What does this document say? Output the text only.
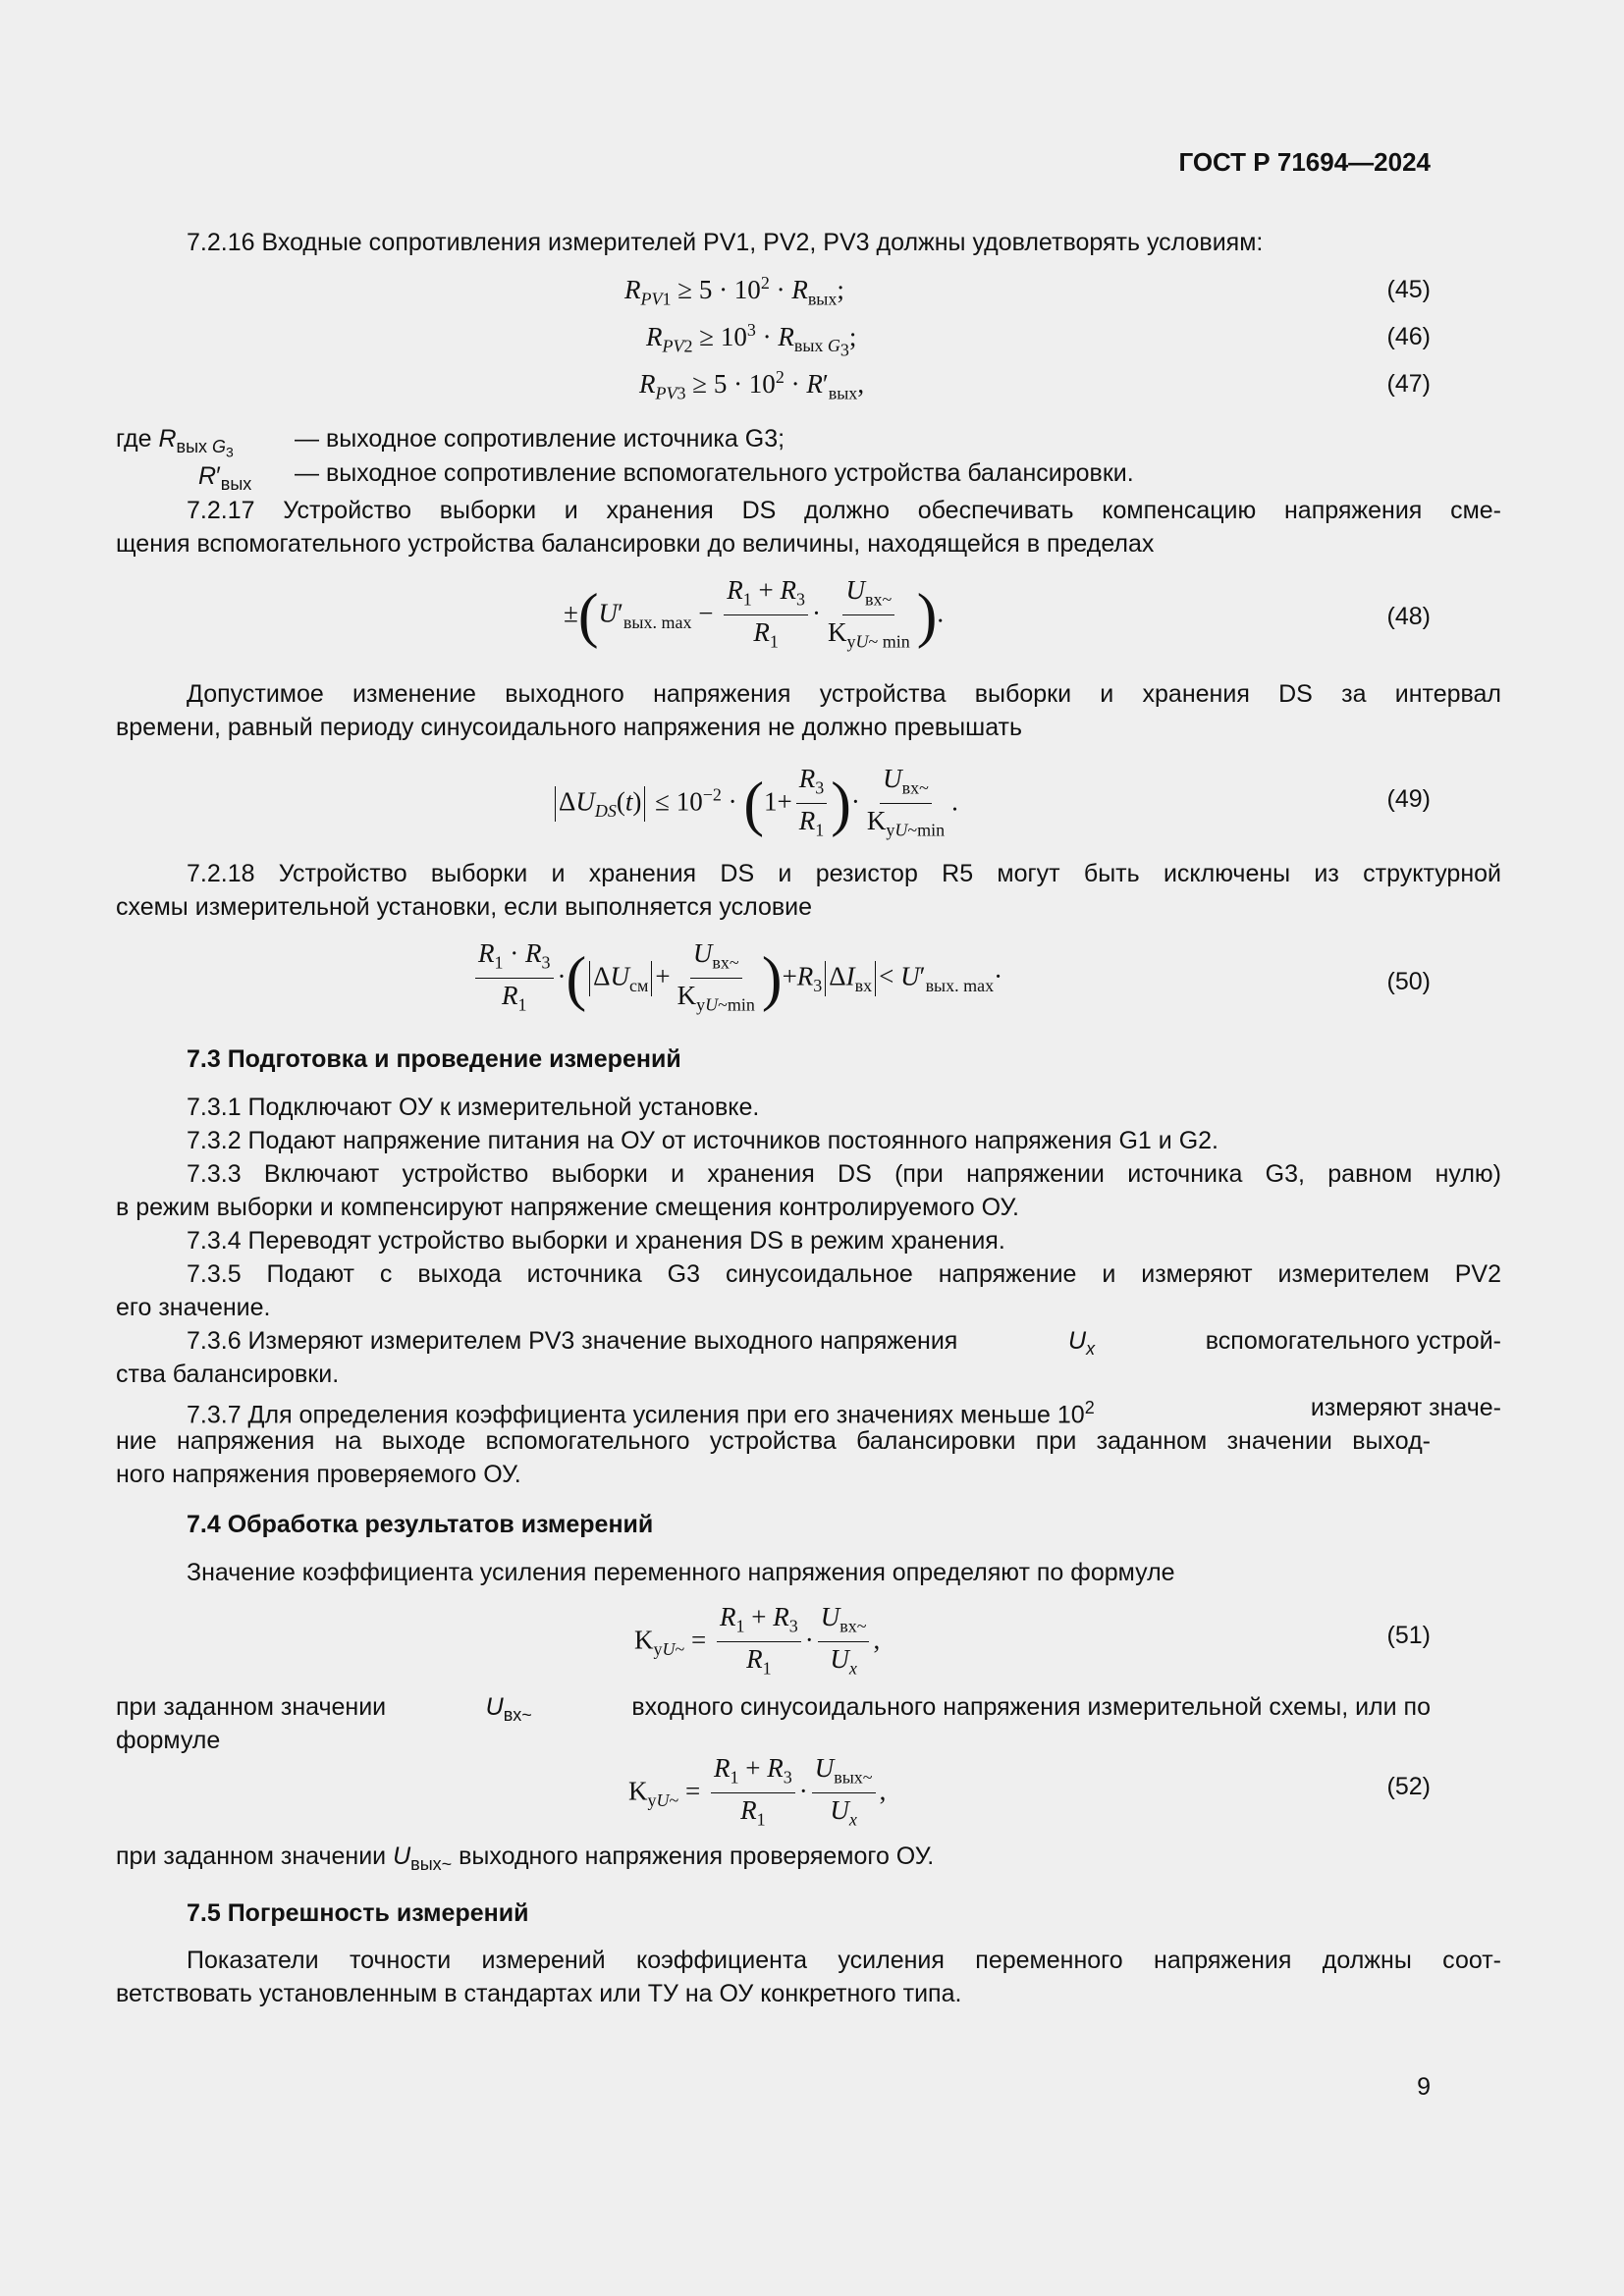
ГОСТ Р 71694—2024
7.2.16 Входные сопротивления измерителей PV1, PV2, PV3 должны удовлетворять условиям:
$R_{PV1} \ge 5 \cdot 10^2 \cdot R_{вых}$;	(45)
$R_{PV2} \ge 10^3 \cdot R_{вых G_3}$;	(46)
$R_{PV3} \ge 5 \cdot 10^2 \cdot R'_{вых}$,	(47)
где $R_{вых G_3}$ — выходное сопротивление источника G3;
$R'_{вых}$ — выходное сопротивление вспомогательного устройства балансировки.
7.2.17 Устройство выборки и хранения DS должно обеспечивать компенсацию напряжения сме-
щения вспомогательного устройства балансировки до величины, находящейся в пределах
$\pm(U'_{вых. max} - \frac{R_1 + R_3}{R_1} \cdot \frac{U_{вх\sim}}{K_{уU\sim min}}$ ).	(48)
Допустимое изменение выходного напряжения устройства выборки и хранения DS за интервал
времени, равный периоду синусоидального напряжения не должно превышать
$\Delta U_{DS}(t) \le 10^{-2} \cdot (1+ \frac{R_3}{R_1}$ )· $\frac{U_{вх\sim}}{K_{уU\sim min}}$ .	(49)
7.2.18 Устройство выборки и хранения DS и резистор R5 могут быть исключены из структурной
схемы измерительной установки, если выполняется условие
$\frac{R_1 \cdot R_3}{R_1}$ ·( $\Delta U_{см} + \frac{U_{вх\sim}}{K_{уU\sim min}} )+R_3$ $\Delta I_{вх} < U'_{вых. max}\cdot$	(50)
7.3 Подготовка и проведение измерений
7.3.1 Подключают ОУ к измерительной установке.
7.3.2 Подают напряжение питания на ОУ от источников постоянного напряжения G1 и G2.
7.3.3 Включают устройство выборки и хранения DS (при напряжении источника G3, равном нулю)
в режим выборки и компенсируют напряжение смещения контролируемого ОУ.
7.3.4 Переводят устройство выборки и хранения DS в режим хранения.
7.3.5 Подают с выхода источника G3 синусоидальное напряжение и измеряют измерителем PV2
его значение.
7.3.6 Измеряют измерителем PV3 значение выходного напряжения	$U_x$	вспомогательного устрой-
ства балансировки.
7.3.7 Для определения коэффициента усиления при его значениях меньше $10^2$	измеряют значе-
ние напряжения на выходе вспомогательного устройства балансировки при заданном значении выход-
ного напряжения проверяемого ОУ.
7.4 Обработка результатов измерений
Значение коэффициента усиления переменного напряжения определяют по формуле
$K_{уU\sim} = \frac{R_1 + R_3}{R_1} \cdot \frac{U_{вх\sim}}{U_x}$ ,	(51)
при заданном значении	$U_{вх\sim}$	входного синусоидального напряжения измерительной схемы, или по
формуле
$K_{уU\sim} = \frac{R_1 + R_3}{R_1} \cdot \frac{U_{вых\sim}}{U_x}$ ,	(52)
при заданном значении $U_{вых\sim}$ выходного напряжения проверяемого ОУ.
7.5 Погрешность измерений
Показатели точности измерений коэффициента усиления переменного напряжения должны соот-
ветствовать установленным в стандартах или ТУ на ОУ конкретного типа.
9
